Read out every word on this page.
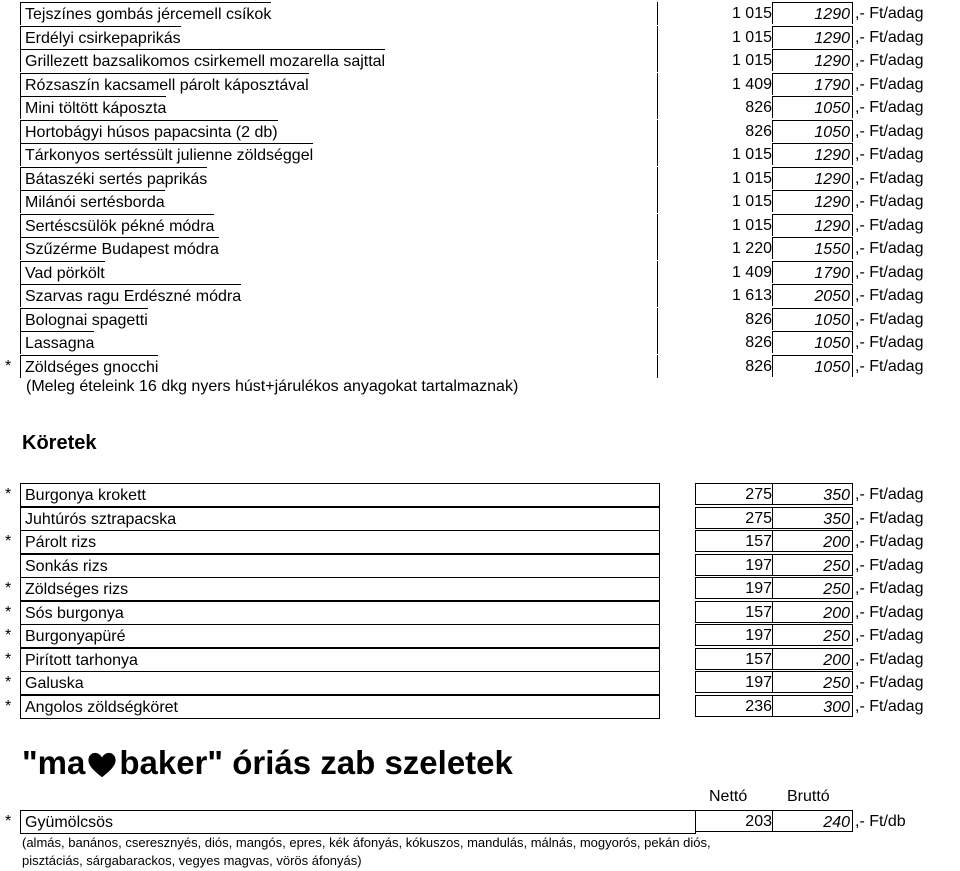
Tejszínes gombás jércemell csíkok	1 015	1290 ,- Ft/adag
Erdélyi csirkepaprikás	1 015	1290 ,- Ft/adag
Grillezett bazsalikomos csirkemell mozarella sajttal	1 015	1290 ,- Ft/adag
Rózsaszín kacsamell párolt káposztával	1 409	1790 ,- Ft/adag
Mini töltött káposzta	826	1050 ,- Ft/adag
Hortobágyi húsos papacsinta (2 db)	826	1050 ,- Ft/adag
Tárkonyos sertéssült julienne zöldséggel	1 015	1290 ,- Ft/adag
Bátaszéki sertés paprikás	1 015	1290 ,- Ft/adag
Milánói sertésborda	1 015	1290 ,- Ft/adag
Sertéscsülök pékné módra	1 015	1290 ,- Ft/adag
Szűzérme Budapest módra	1 220	1550 ,- Ft/adag
Vad pörkölt	1 409	1790 ,- Ft/adag
Szarvas ragu Erdészné módra	1 613	2050 ,- Ft/adag
Bolognai spagetti	826	1050 ,- Ft/adag
Lassagna	826	1050 ,- Ft/adag
* Zöldséges gnocchi	826	1050 ,- Ft/adag
(Meleg ételeink 16 dkg nyers húst+járulékos anyagokat tartalmaznak)
Köretek
* Burgonya krokett	275	350 ,- Ft/adag
Juhtúrós sztrapacska	275	350 ,- Ft/adag
* Párolt rizs	157	200 ,- Ft/adag
Sonkás rizs	197	250 ,- Ft/adag
* Zöldséges rizs	197	250 ,- Ft/adag
* Sós burgonya	157	200 ,- Ft/adag
* Burgonyapüré	197	250 ,- Ft/adag
* Pirított tarhonya	157	200 ,- Ft/adag
* Galuska	197	250 ,- Ft/adag
* Angolos zöldségköret	236	300 ,- Ft/adag
"ma baker" óriás zab szeletek
Nettó Bruttó
* Gyümölcsös	203	240 ,- Ft/db
(almás, banános, cseresznyés, diós, mangós, epres, kék áfonyás, kókuszos, mandulás, málnás, mogyorós, pekán diós,
pisztáciás, sárgabarackos, vegyes magvas, vörös áfonyás)
